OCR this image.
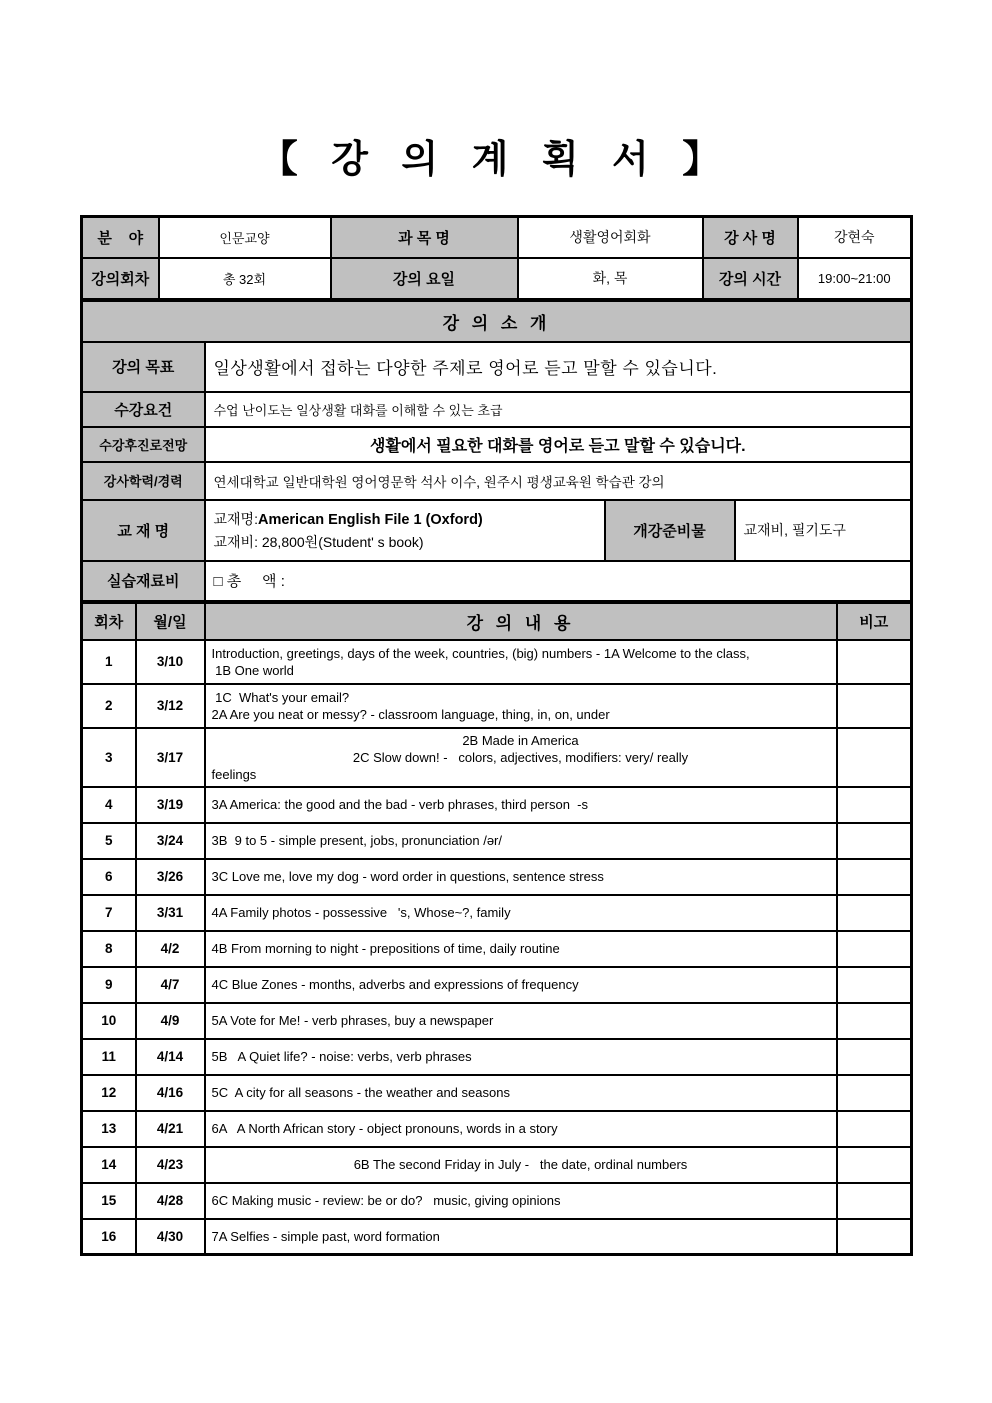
【 강 의 계 획 서 】
분    야	인문교양	과 목 명	생활영어회화	강 사 명	강현숙
강의회차	총 32회	강의 요일	화, 목	강의 시간	19:00~21:00
강 의 소 개			
강의 목표	일상생활에서 접하는 다양한 주제로 영어로 듣고 말할 수 있습니다.		
수강요건	수업 난이도는 일상생활 대화를 이해할 수 있는 초급		
수강후진로전망	생활에서 필요한 대화를 영어로 듣고 말할 수 있습니다.		
강사학력/경력	연세대학교 일반대학원 영어영문학 석사 이수, 원주시 평생교육원 학습관 강의		
교 재 명	교재명:American English File 1 (Oxford)
교재비: 28,800원(Student' s book)	개강준비물	교재비, 필기도구
실습재료비	□ 총     액 :		
회차	월/일	강 의 내 용	비고
1	3/10	Introduction, greetings, days of the week, countries, (big) numbers - 1A Welcome to the class,
1B One world	

2	3/12	1C  What's your email?
2A Are you neat or messy? - classroom language, thing, in, on, under	

3	3/17	2B Made in America
2C Slow down! -   colors, adjectives, modifiers: very/ really
feelings	

4	3/19	3A America: the good and the bad - verb phrases, third person  -s	

5	3/24	3B  9 to 5 - simple present, jobs, pronunciation /ər/	

6	3/26	3C Love me, love my dog - word order in questions, sentence stress	

7	3/31	4A Family photos - possessive   's, Whose~?, family	

8	4/2	4B From morning to night - prepositions of time, daily routine	

9	4/7	4C Blue Zones - months, adverbs and expressions of frequency	

10	4/9	5A Vote for Me! - verb phrases, buy a newspaper	

11	4/14	5B   A Quiet life? - noise: verbs, verb phrases	

12	4/16	5C  A city for all seasons - the weather and seasons	

13	4/21	6A   A North African story - object pronouns, words in a story	

14	4/23	6B The second Friday in July -   the date, ordinal numbers	

15	4/28	6C Making music - review: be or do?   music, giving opinions	

16	4/30	7A Selfies - simple past, word formation	
